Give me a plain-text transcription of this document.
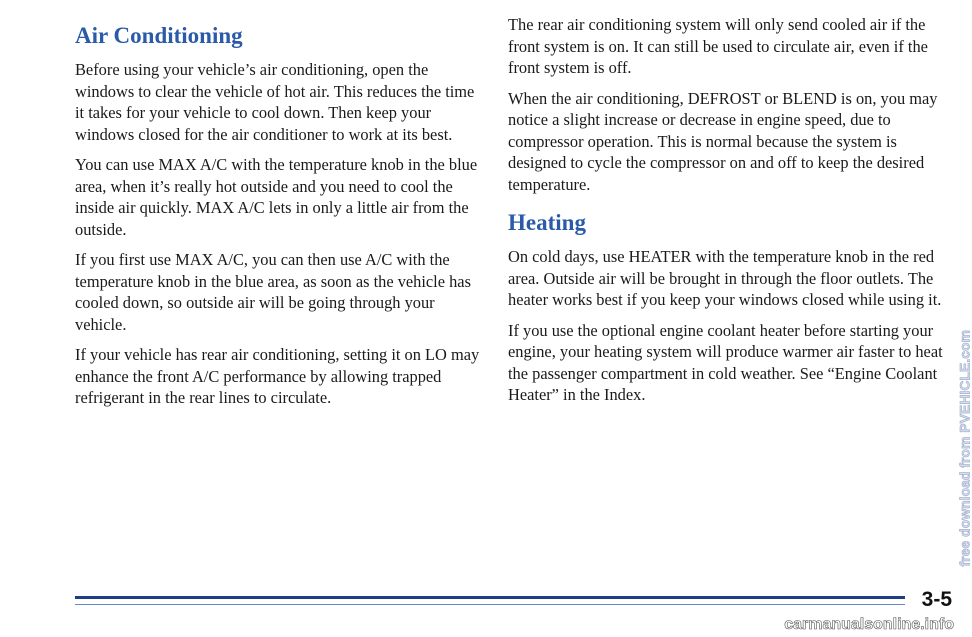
Air Conditioning

Before using your vehicle’s air conditioning, open the windows to clear the vehicle of hot air. This reduces the time it takes for your vehicle to cool down. Then keep your windows closed for the air conditioner to work at its best.

You can use MAX A/C with the temperature knob in the blue area, when it’s really hot outside and you need to cool the inside air quickly. MAX A/C lets in only a little air from the outside.

If you first use MAX A/C, you can then use A/C with the temperature knob in the blue area, as soon as the vehicle has cooled down, so outside air will be going through your vehicle.

If your vehicle has rear air conditioning, setting it on LO may enhance the front A/C performance by allowing trapped refrigerant in the rear lines to circulate.

The rear air conditioning system will only send cooled air if the front system is on. It can still be used to circulate air, even if the front system is off.

When the air conditioning, DEFROST or BLEND is on, you may notice a slight increase or decrease in engine speed, due to compressor operation. This is normal because the system is designed to cycle the compressor on and off to keep the desired temperature.

Heating

On cold days, use HEATER with the temperature knob in the red area. Outside air will be brought in through the floor outlets. The heater works best if you keep your windows closed while using it.

If you use the optional engine coolant heater before starting your engine, your heating system will produce warmer air faster to heat the passenger compartment in cold weather. See “Engine Coolant Heater” in the Index.

3-5
free download from PVEHICLE.com
carmanualsonline.info
